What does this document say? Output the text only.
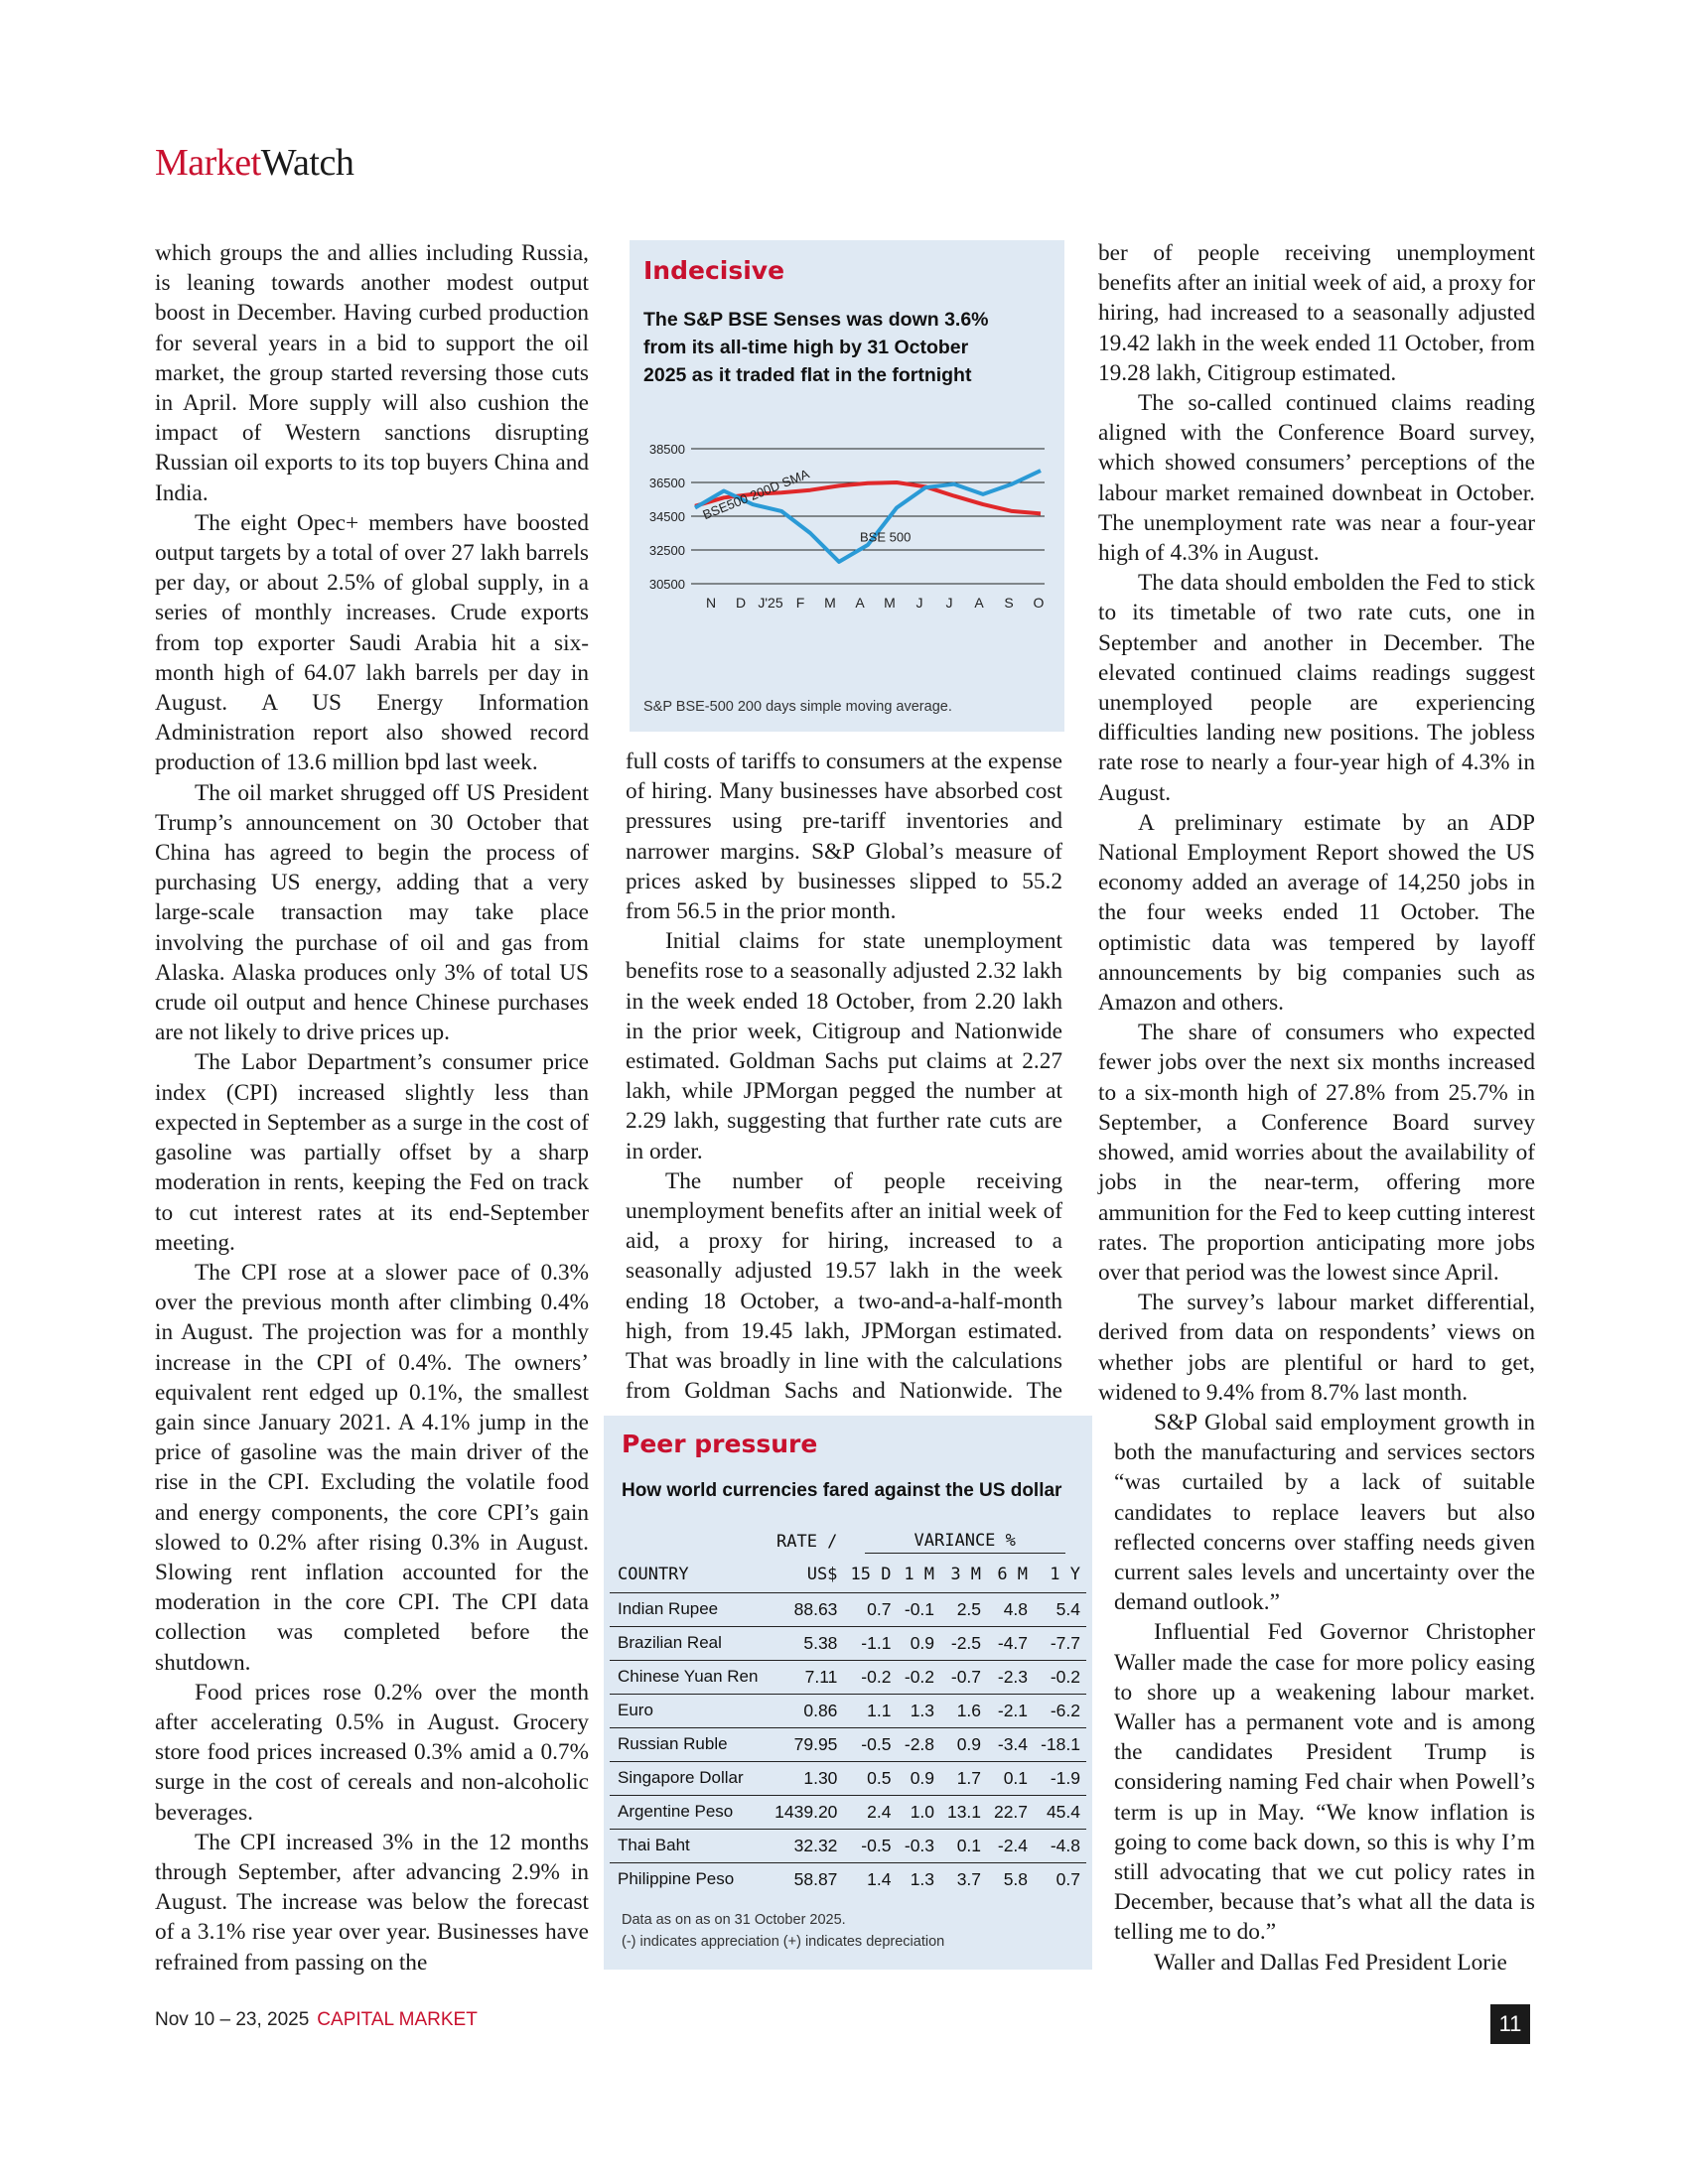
MarketWatch

which groups the and allies including Russia, is leaning towards another modest output boost in December. Having curbed production for several years in a bid to support the oil market, the group started reversing those cuts in April. More supply will also cushion the impact of Western sanctions disrupting Russian oil exports to its top buyers China and India.

The eight Opec+ members have boosted output targets by a total of over 27 lakh barrels per day, or about 2.5% of global supply, in a series of monthly increases. Crude exports from top exporter Saudi Arabia hit a six-month high of 64.07 lakh barrels per day in August. A US Energy Information Administration report also showed record production of 13.6 million bpd last week.

The oil market shrugged off US President Trump’s announcement on 30 October that China has agreed to begin the process of purchasing US energy, adding that a very large-scale transaction may take place involving the purchase of oil and gas from Alaska. Alaska produces only 3% of total US crude oil output and hence Chinese purchases are not likely to drive prices up.

The Labor Department’s consumer price index (CPI) increased slightly less than expected in September as a surge in the cost of gasoline was partially offset by a sharp moderation in rents, keeping the Fed on track to cut interest rates at its end-September meeting.

The CPI rose at a slower pace of 0.3% over the previous month after climbing 0.4% in August. The projection was for a monthly increase in the CPI of 0.4%. The owners’ equivalent rent edged up 0.1%, the smallest gain since January 2021. A 4.1% jump in the price of gasoline was the main driver of the rise in the CPI. Excluding the volatile food and energy components, the core CPI’s gain slowed to 0.2% after rising 0.3% in August. Slowing rent inflation accounted for the moderation in the core CPI. The CPI data collection was completed before the shutdown.

Food prices rose 0.2% over the month after accelerating 0.5% in August. Grocery store food prices increased 0.3% amid a 0.7% surge in the cost of cereals and non-alcoholic beverages.

The CPI increased 3% in the 12 months through September, after advancing 2.9% in August. The increase was below the forecast of a 3.1% rise year over year. Businesses have refrained from passing on the

Indecisive
The S&P BSE Senses was down 3.6% from its all-time high by 31 October 2025 as it traded flat in the fortnight
38500
36500
34500
32500
30500
N D J'25 F M A M J J A S O
BSE500 200D SMA
BSE 500
S&P BSE-500 200 days simple moving average.

full costs of tariffs to consumers at the expense of hiring. Many businesses have absorbed cost pressures using pre-tariff inventories and narrower margins. S&P Global’s measure of prices asked by businesses slipped to 55.2 from 56.5 in the prior month.

Initial claims for state unemployment benefits rose to a seasonally adjusted 2.32 lakh in the week ended 18 October, from 2.20 lakh in the prior week, Citigroup and Nationwide estimated. Goldman Sachs put claims at 2.27 lakh, while JPMorgan pegged the number at 2.29 lakh, suggesting that further rate cuts are in order.

The number of people receiving unemployment benefits after an initial week of aid, a proxy for hiring, increased to a seasonally adjusted 19.57 lakh in the week ending 18 October, a two-and-a-half-month high, from 19.45 lakh, JPMorgan estimated. That was broadly in line with the calculations from Goldman Sachs and Nationwide. The

Peer pressure
How world currencies fared against the US dollar
	RATE /	VARIANCE %				
COUNTRY	US$	15 D	1 M	3 M	6 M	1 Y
Indian Rupee	88.63	0.7	-0.1	2.5	4.8	5.4
Brazilian Real	5.38	-1.1	0.9	-2.5	-4.7	-7.7
Chinese Yuan Ren	7.11	-0.2	-0.2	-0.7	-2.3	-0.2
Euro	0.86	1.1	1.3	1.6	-2.1	-6.2
Russian Ruble	79.95	-0.5	-2.8	0.9	-3.4	-18.1
Singapore Dollar	1.30	0.5	0.9	1.7	0.1	-1.9
Argentine Peso	1439.20	2.4	1.0	13.1	22.7	45.4
Thai Baht	32.32	-0.5	-0.3	0.1	-2.4	-4.8
Philippine Peso	58.87	1.4	1.3	3.7	5.8	0.7
Data as on as on 31 October 2025.
(-) indicates appreciation (+) indicates depreciation

ber of people receiving unemployment benefits after an initial week of aid, a proxy for hiring, had increased to a seasonally adjusted 19.42 lakh in the week ended 11 October, from 19.28 lakh, Citigroup estimated.

The so-called continued claims reading aligned with the Conference Board survey, which showed consumers’ perceptions of the labour market remained downbeat in October. The unemployment rate was near a four-year high of 4.3% in August.

The data should embolden the Fed to stick to its timetable of two rate cuts, one in September and another in December. The elevated continued claims readings suggest unemployed people are experiencing difficulties landing new positions. The jobless rate rose to nearly a four-year high of 4.3% in August.

A preliminary estimate by an ADP National Employment Report showed the US economy added an average of 14,250 jobs in the four weeks ended 11 October. The optimistic data was tempered by layoff announcements by big companies such as Amazon and others.

The share of consumers who expected fewer jobs over the next six months increased to a six-month high of 27.8% from 25.7% in September, a Conference Board survey showed, amid worries about the availability of jobs in the near-term, offering more ammunition for the Fed to keep cutting interest rates. The proportion anticipating more jobs over that period was the lowest since April.

The survey’s labour market differential, derived from data on respondents’ views on whether jobs are plentiful or hard to get, widened to 9.4% from 8.7% last month.

S&P Global said employment growth in both the manufacturing and services sectors “was curtailed by a lack of suitable candidates to replace leavers but also reflected concerns over staffing needs given current sales levels and uncertainty over the demand outlook.”

Influential Fed Governor Christopher Waller made the case for more policy easing to shore up a weakening labour market. Waller has a permanent vote and is among the candidates President Trump is considering naming Fed chair when Powell’s term is up in May. “We know inflation is going to come back down, so this is why I’m still advocating that we cut policy rates in December, because that’s what all the data is telling me to do.”

Waller and Dallas Fed President Lorie

Nov 10 – 23, 2025 CAPITAL MARKET	11
